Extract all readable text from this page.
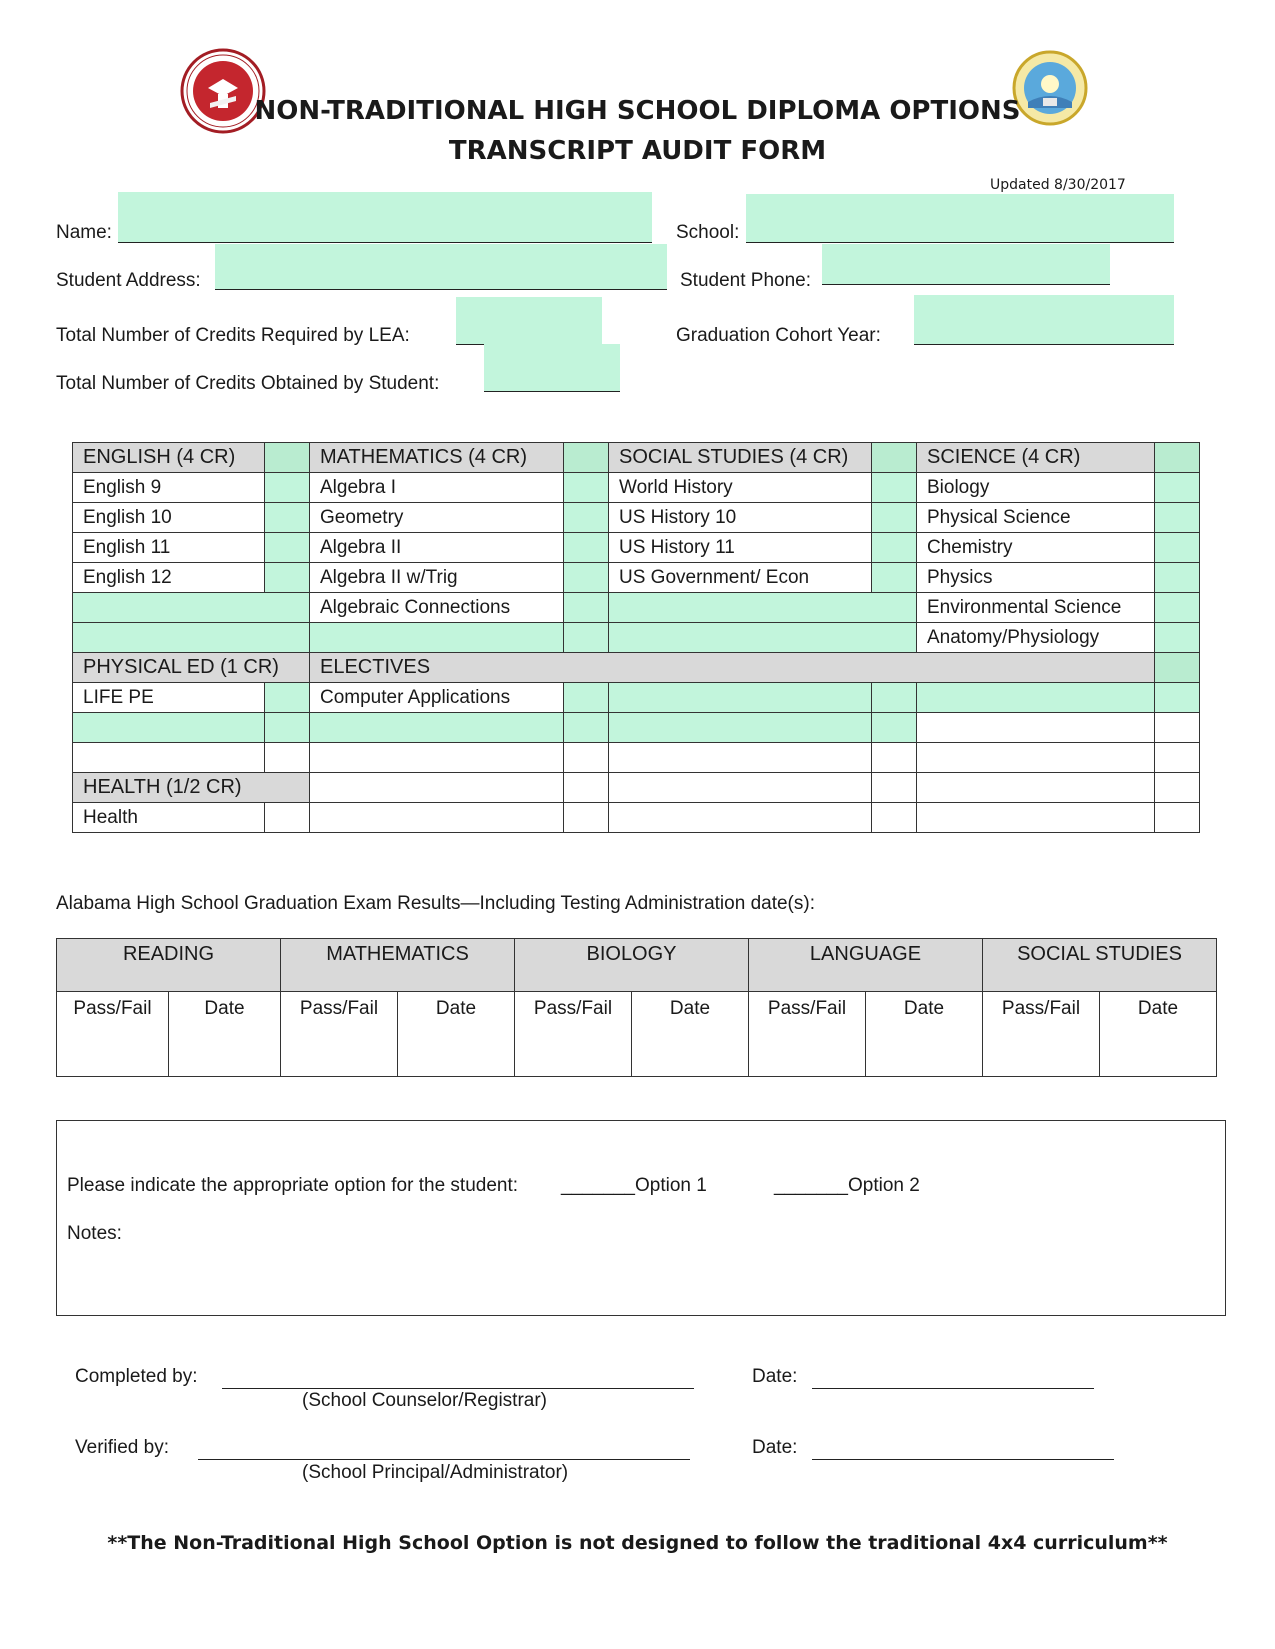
NON-TRADITIONAL HIGH SCHOOL DIPLOMA OPTIONS
TRANSCRIPT AUDIT FORM
Updated 8/30/2017
Name:	School:
Student Address:	Student Phone:
Total Number of Credits Required by LEA:	Graduation Cohort Year:
Total Number of Credits Obtained by Student:
ENGLISH (4 CR)		MATHEMATICS (4 CR)		SOCIAL STUDIES (4 CR)		SCIENCE (4 CR)	
English 9		Algebra I		World History		Biology	
English 10		Geometry		US History 10		Physical Science	
English 11		Algebra II		US History 11		Chemistry	
English 12		Algebra II w/Trig		US Government/ Econ		Physics	
		Algebraic Connections				Environmental Science	
						Anatomy/Physiology	
PHYSICAL ED (1 CR)		ELECTIVES					
LIFE PE		Computer Applications					

HEALTH (1/2 CR)							
Health							
Alabama High School Graduation Exam Results—Including Testing Administration date(s):
READING		MATHEMATICS		BIOLOGY		LANGUAGE		SOCIAL STUDIES	
Pass/Fail	Date	Pass/Fail	Date	Pass/Fail	Date	Pass/Fail	Date	Pass/Fail	Date
Please indicate the appropriate option for the student: _______Option 1	_______Option 2
Notes:
Completed by:
(School Counselor/Registrar)
Date:
Verified by:
(School Principal/Administrator)
Date:
**The Non-Traditional High School Option is not designed to follow the traditional 4x4 curriculum**
